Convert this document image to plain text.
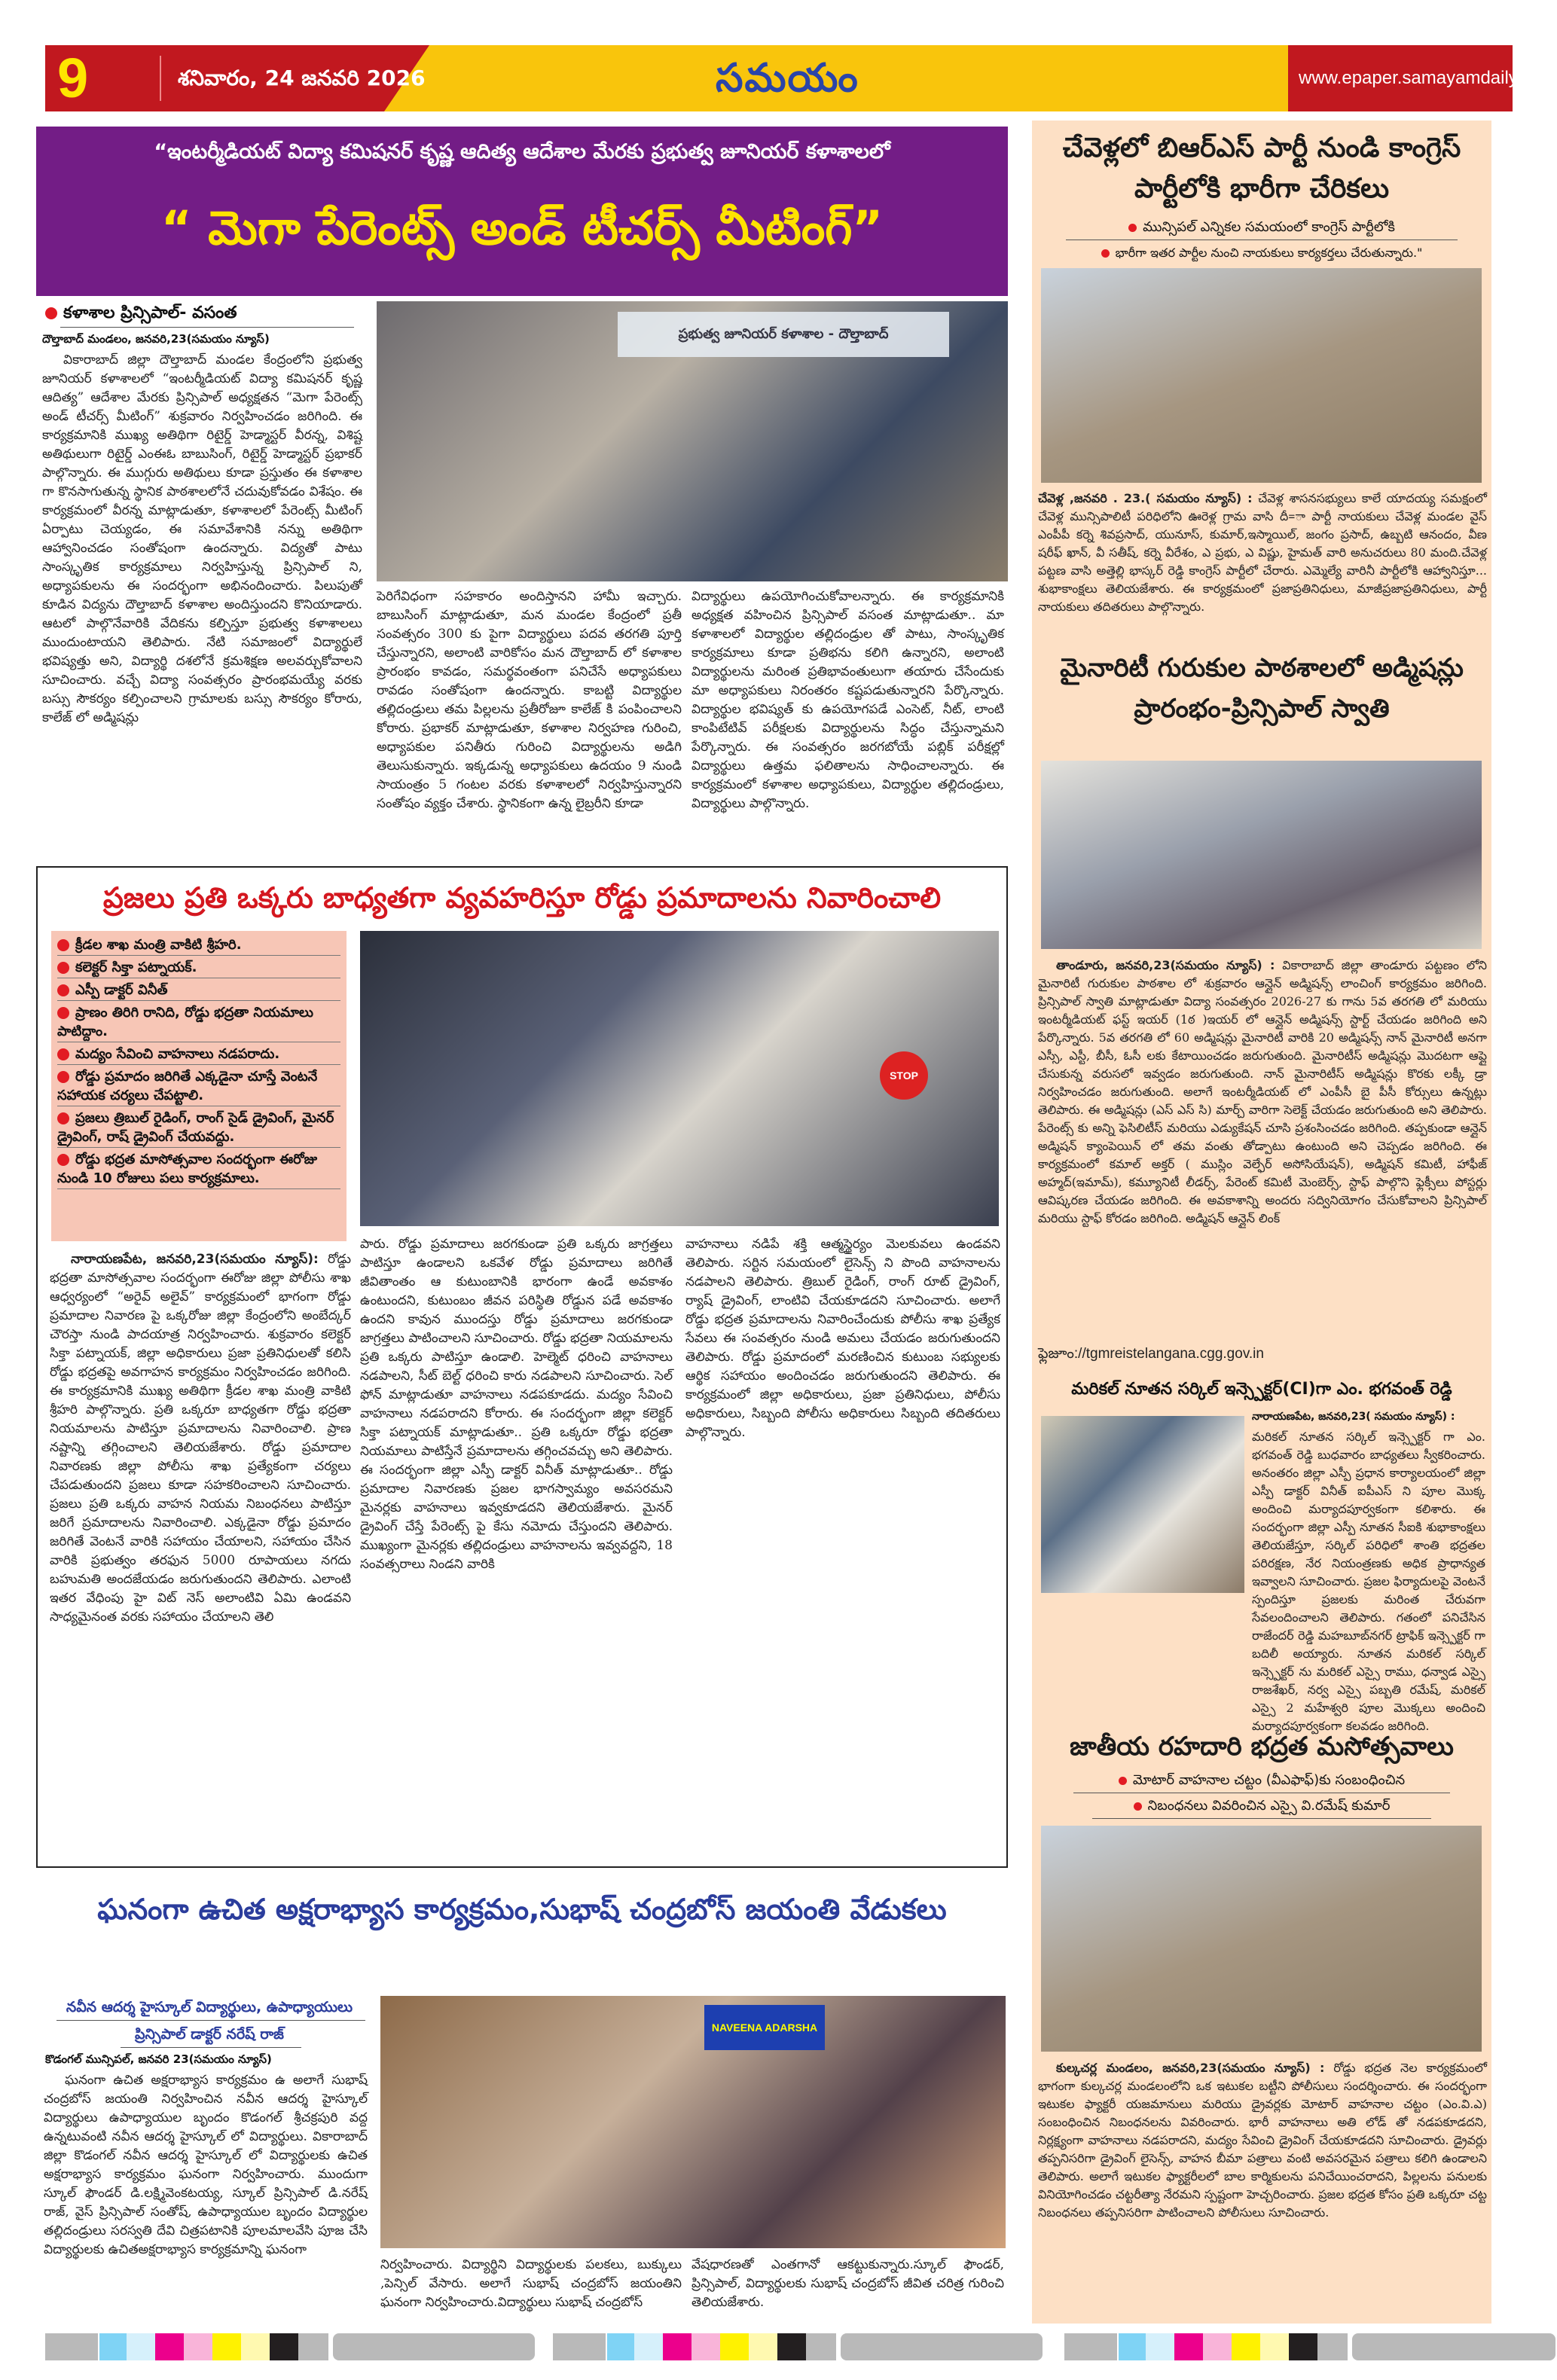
9	శనివారం, 24 జనవరి 2026	సమయం	www.epaper.samayamdaily.net
“ఇంటర్మీడియట్ విద్యా కమిషనర్ కృష్ణ ఆదిత్య ఆదేశాల మేరకు ప్రభుత్వ జూనియర్ కళాశాలలో
“ మెగా పేరెంట్స్ అండ్ టీచర్స్ మీటింగ్”
కళాశాల ప్రిన్సిపాల్- వసంత
దౌల్తాబాద్ మండలం, జనవరి,23(సమయం న్యూస్)
వికారాబాద్ జిల్లా దౌల్తాబాద్ మండల కేంద్రంలోని ప్రభుత్వ జూనియర్ కళాశాలలో “ఇంటర్మీడియట్ విద్యా కమిషనర్ కృష్ణ ఆదిత్య” ఆదేశాల మేరకు ప్రిన్సిపాల్ అధ్యక్షతన “మెగా పేరెంట్స్ అండ్ టీచర్స్ మీటింగ్” శుక్రవారం నిర్వహించడం జరిగింది. ఈ కార్యక్రమానికి ముఖ్య అతిథిగా రిటైర్డ్ హెడ్మాస్టర్ వీరన్న, విశిష్ట అతిథులుగా రిటైర్డ్ ఎంఈఓ బాబుసింగ్, రిటైర్డ్ హెడ్మాస్టర్ ప్రభాకర్ పాల్గొన్నారు. ఈ ముగ్గురు అతిథులు కూడా ప్రస్తుతం ఈ కళాశాల గా కొనసాగుతున్న స్థానిక పాఠశాలలోనే చదువుకోవడం విశేషం. ఈ కార్యక్రమంలో వీరన్న మాట్లాడుతూ, కళాశాలలో పేరెంట్స్ మీటింగ్ ఏర్పాటు చెయ్యడం, ఈ సమావేశానికి నన్ను అతిథిగా ఆహ్వానించడం సంతోషంగా ఉందన్నారు. విద్యతో పాటు సాంస్కృతిక కార్యక్రమాలు నిర్వహిస్తున్న ప్రిన్సిపాల్ ని, అధ్యాపకులను ఈ సందర్భంగా అభినందించారు. పిలుపుతో కూడిన విద్యను దౌల్తాబాద్ కళాశాల అందిస్తుందని కొనియాడారు. ఆటలో పాల్గొనేవారికి వేదికను కల్పిస్తూ ప్రభుత్వ కళాశాలలు ముందుంటాయని తెలిపారు. నేటి సమాజంలో విద్యార్థులే భవిష్యత్తు అని, విద్యార్థి దశలోనే క్రమశిక్షణ అలవర్చుకోవాలని సూచించారు. వచ్చే విద్యా సంవత్సరం ప్రారంభమయ్యే వరకు బస్సు సౌకర్యం కల్పించాలని గ్రామాలకు బస్సు సౌకర్యం కోరారు, కాలేజ్ లో అడ్మిషన్లు
ప్రభుత్వ జూనియర్ కళాశాల - దౌల్తాబాద్
పెరిగేవిధంగా సహకారం అందిస్తానని హామీ ఇచ్చారు. బాబుసింగ్ మాట్లాడుతూ, మన మండల కేంద్రంలో ప్రతీ సంవత్సరం 300 కు పైగా విద్యార్థులు పదవ తరగతి పూర్తి చేస్తున్నారని, అలాంటి వారికోసం మన దౌల్తాబాద్ లో కళాశాల ప్రారంభం కావడం, సమర్థవంతంగా పనిచేసే అధ్యాపకులు రావడం సంతోషంగా ఉందన్నారు. కాబట్టి విద్యార్థుల తల్లిదండ్రులు తమ పిల్లలను ప్రతీరోజూ కాలేజ్ కి పంపించాలని కోరారు. ప్రభాకర్ మాట్లాడుతూ, కళాశాల నిర్వహణ గురించి, అధ్యాపకుల పనితీరు గురించి విద్యార్థులను అడిగి తెలుసుకున్నారు. ఇక్కడున్న అధ్యాపకులు ఉదయం 9 నుండి సాయంత్రం 5 గంటల వరకు కళాశాలలో నిర్వహిస్తున్నారని సంతోషం వ్యక్తం చేశారు. స్థానికంగా ఉన్న లైబ్రరీని కూడా
విద్యార్థులు ఉపయోగించుకోవాలన్నారు. ఈ కార్యక్రమానికి అధ్యక్షత వహించిన ప్రిన్సిపాల్ వసంత మాట్లాడుతూ.. మా కళాశాలలో విద్యార్థుల తల్లిదండ్రుల తో పాటు, సాంస్కృతిక కార్యక్రమాలు కూడా ప్రతిభను కలిగి ఉన్నారని, అలాంటి విద్యార్థులను మరింత ప్రతిభావంతులుగా తయారు చేసేందుకు మా అధ్యాపకులు నిరంతరం కష్టపడుతున్నారని పేర్కొన్నారు. విద్యార్థుల భవిష్యత్ కు ఉపయోగపడే ఎంసెట్, నీట్, లాంటి కాంపిటేటివ్ పరీక్షలకు విద్యార్థులను సిద్ధం చేస్తున్నామని పేర్కొన్నారు. ఈ సంవత్సరం జరగబోయే పబ్లిక్ పరీక్షల్లో విద్యార్థులు ఉత్తమ ఫలితాలను సాధించాలన్నారు. ఈ కార్యక్రమంలో కళాశాల అధ్యాపకులు, విద్యార్థుల తల్లిదండ్రులు, విద్యార్థులు పాల్గొన్నారు.
ప్రజలు ప్రతి ఒక్కరు బాధ్యతగా వ్యవహరిస్తూ రోడ్డు ప్రమాదాలను నివారించాలి
క్రీడల శాఖ మంత్రి వాకిటి శ్రీహరి.
కలెక్టర్ సిక్తా పట్నాయక్.
ఎస్పీ డాక్టర్ వినీత్
ప్రాణం తిరిగి రానిది, రోడ్డు భద్రతా నియమాలు పాటిద్దాం.
మద్యం సేవించి వాహనాలు నడపరాదు.
రోడ్డు ప్రమాదం జరిగితే ఎక్కడైనా చూస్తే వెంటనే సహాయక చర్యలు చేపట్టాలి.
ప్రజలు త్రిబుల్ రైడింగ్, రాంగ్ సైడ్ డ్రైవింగ్, మైనర్ డ్రైవింగ్, రాష్ డ్రైవింగ్ చేయవద్దు.
రోడ్డు భద్రత మాసోత్సవాల సందర్భంగా ఈరోజు నుండి 10 రోజులు పలు కార్యక్రమాలు.
STOP
నారాయణపేట, జనవరి,23(సమయం న్యూస్): రోడ్డు భద్రతా మాసోత్సవాల సందర్భంగా ఈరోజు జిల్లా పోలీసు శాఖ ఆధ్వర్యంలో “అరైవ్ అలైవ్” కార్యక్రమంలో భాగంగా రోడ్డు ప్రమాదాల నివారణ పై ఒక్కరోజు జిల్లా కేంద్రంలోని అంబేద్కర్ చౌరస్తా నుండి పాదయాత్ర నిర్వహించారు. శుక్రవారం కలెక్టర్ సిక్తా పట్నాయక్, జిల్లా అధికారులు ప్రజా ప్రతినిధులతో కలిసి రోడ్డు భద్రతపై అవగాహన కార్యక్రమం నిర్వహించడం జరిగింది. ఈ కార్యక్రమానికి ముఖ్య అతిథిగా క్రీడల శాఖ మంత్రి వాకిటి శ్రీహరి పాల్గొన్నారు. ప్రతి ఒక్కరూ బాధ్యతగా రోడ్డు భద్రతా నియమాలను పాటిస్తూ ప్రమాదాలను నివారించాలి. ప్రాణ నష్టాన్ని తగ్గించాలని తెలియజేశారు. రోడ్డు ప్రమాదాల నివారణకు జిల్లా పోలీసు శాఖ ప్రత్యేకంగా చర్యలు చేపడుతుందని ప్రజలు కూడా సహకరించాలని సూచించారు. ప్రజలు ప్రతి ఒక్కరు వాహన నియమ నిబంధనలు పాటిస్తూ జరిగే ప్రమాదాలను నివారించాలి. ఎక్కడైనా రోడ్డు ప్రమాదం జరిగితే వెంటనే వారికి సహాయం చేయాలని, సహాయం చేసిన వారికి ప్రభుత్వం తరఫున 5000 రూపాయలు నగదు బహుమతి అందజేయడం జరుగుతుందని తెలిపారు. ఎలాంటి ఇతర వేధింపు హై విట్ నెస్ అలాంటివి ఏమి ఉండవని సాధ్యమైనంత వరకు సహాయం చేయాలని తెలి
పారు. రోడ్డు ప్రమాదాలు జరగకుండా ప్రతి ఒక్కరు జాగ్రత్తలు పాటిస్తూ ఉండాలని ఒకవేళ రోడ్డు ప్రమాదాలు జరిగితే జీవితాంతం ఆ కుటుంబానికి భారంగా ఉండే అవకాశం ఉంటుందని, కుటుంబం జీవన పరిస్థితి రోడ్డున పడే అవకాశం ఉందని కావున ముందస్తు రోడ్డు ప్రమాదాలు జరగకుండా జాగ్రత్తలు పాటించాలని సూచించారు. రోడ్డు భద్రతా నియమాలను ప్రతి ఒక్కరు పాటిస్తూ ఉండాలి. హెల్మెట్ ధరించి వాహనాలు నడపాలని, సీట్ బెల్ట్ ధరించి కారు నడపాలని సూచించారు. సెల్ ఫోన్ మాట్లాడుతూ వాహనాలు నడపకూడదు. మద్యం సేవించి వాహనాలు నడపరాదని కోరారు. ఈ సందర్భంగా జిల్లా కలెక్టర్ సిక్తా పట్నాయక్ మాట్లాడుతూ.. ప్రతి ఒక్కరూ రోడ్డు భద్రతా నియమాలు పాటిస్తేనే ప్రమాదాలను తగ్గించవచ్చు అని తెలిపారు. ఈ సందర్భంగా జిల్లా ఎస్పీ డాక్టర్ వినీత్ మాట్లాడుతూ.. రోడ్డు ప్రమాదాల నివారణకు ప్రజల భాగస్వామ్యం అవసరమని మైనర్లకు వాహనాలు ఇవ్వకూడదని తెలియజేశారు. మైనర్ డ్రైవింగ్ చేస్తే పేరెంట్స్ పై కేసు నమోదు చేస్తుందని తెలిపారు. ముఖ్యంగా మైనర్లకు తల్లిదండ్రులు వాహనాలను ఇవ్వవద్దని, 18 సంవత్సరాలు నిండని వారికి
వాహనాలు నడిపే శక్తి ఆత్మస్థైర్యం మెలకువలు ఉండవని తెలిపారు. సర్టిన సమయంలో లైసెన్స్ ని పొంది వాహనాలను నడపాలని తెలిపారు. త్రిబుల్ రైడింగ్, రాంగ్ రూట్ డ్రైవింగ్, ర్యాష్ డ్రైవింగ్, లాంటివి చేయకూడదని సూచించారు. అలాగే రోడ్డు భద్రత ప్రమాదాలను నివారించేందుకు పోలీసు శాఖ ప్రత్యేక సేవలు ఈ సంవత్సరం నుండి అమలు చేయడం జరుగుతుందని తెలిపారు. రోడ్డు ప్రమాదంలో మరణించిన కుటుంబ సభ్యులకు ఆర్థిక సహాయం అందించడం జరుగుతుందని తెలిపారు. ఈ కార్యక్రమంలో జిల్లా అధికారులు, ప్రజా ప్రతినిధులు, పోలీసు అధికారులు, సిబ్బంది పోలీసు అధికారులు సిబ్బంది తదితరులు పాల్గొన్నారు.
ఘనంగా ఉచిత అక్షరాభ్యాస కార్యక్రమం,సుభాష్ చంద్రబోస్ జయంతి వేడుకలు
నవీన ఆదర్శ హైస్కూల్ విద్యార్థులు, ఉపాధ్యాయులు
ప్రిన్సిపాల్ డాక్టర్ నరేష్ రాజ్
కొడంగల్ మున్సిపల్, జనవరి 23(సమయం న్యూస్)
ఘనంగా ఉచిత అక్షరాభ్యాస కార్యక్రమం ఉ అలాగే సుభాష్ చంద్రబోస్ జయంతి నిర్వహించిన నవీన ఆదర్శ హైస్కూల్ విద్యార్థులు ఉపాధ్యాయుల బృందం కొడంగల్ శ్రీచక్రపురి వద్ద ఉన్నటువంటి నవీన ఆదర్శ హైస్కూల్ లో విద్యార్థులు. వికారాబాద్ జిల్లా కొడంగల్ నవీన ఆదర్శ హైస్కూల్ లో విద్యార్థులకు ఉచిత అక్షరాభ్యాస కార్యక్రమం ఘనంగా నిర్వహించారు. ముందుగా స్కూల్ ఫౌండర్ డి.లక్ష్మివెంకటయ్య, స్కూల్ ప్రిన్సిపాల్ డి.నరేష్ రాజ్, వైస్ ప్రిన్సిపాల్ సంతోష్, ఉపాధ్యాయుల బృందం విద్యార్థుల తల్లిదండ్రులు సరస్వతి దేవి చిత్రపటానికి పూలమాలవేసి పూజ చేసి విద్యార్థులకు ఉచితఅక్షరాభ్యాస కార్యక్రమాన్ని ఘనంగా
NAVEENA ADARSHA
నిర్వహించారు. విద్యార్థిని విద్యార్థులకు పలకలు, బుక్కులు ,పెన్సిల్ వేసారు. అలాగే సుభాష్ చంద్రబోస్ జయంతిని ఘనంగా నిర్వహించారు.విద్యార్థులు సుభాష్ చంద్రబోస్
వేషధారణతో ఎంతగానో ఆకట్టుకున్నారు.స్కూల్ ఫౌండర్, ప్రిన్సిపాల్, విద్యార్థులకు సుభాష్ చంద్రబోస్ జీవిత చరిత్ర గురించి తెలియజేశారు.
చేవెళ్లలో బిఆర్ఎస్ పార్టీ నుండి కాంగ్రెస్ పార్టీలోకి భారీగా చేరికలు
మున్సిపల్ ఎన్నికల సమయంలో కాంగ్రెస్ పార్టీలోకి
భారీగా ఇతర పార్టీల నుంచి నాయకులు కార్యకర్తలు చేరుతున్నారు."
చేవెళ్ల ,జనవరి . 23.( సమయం న్యూస్) : చేవెళ్ల శాసనసభ్యులు కాలే యాదయ్య సమక్షంలో చేవెళ్ల మున్సిపాలిటీ పరిధిలోని ఊరెళ్ల గ్రామ వాసి దీ=ా పార్టీ నాయకులు చేవెళ్ల మండల వైస్ ఎంపీపీ కర్నె శివప్రసాద్, యునూస్, కుమార్,ఇస్మాయిల్, జంగం ప్రసాద్, ఉబ్బటి ఆనందం, వీణ షరీఫ్ ఖాన్, వీ సతీష్, కర్నె వీరేశం, ఎ ప్రభు, ఎ విష్ణు, హైమత్ వారి అనుచరులు 80 మంది.చేవెళ్ల పట్టణ వాసి అత్తెల్లి భాస్కర్ రెడ్డి కాంగ్రెస్ పార్టీలో చేరారు. ఎమ్మెల్యే వారినీ పార్టీలోకి ఆహ్వానిస్తూ... శుభాకాంక్షలు తెలియజేశారు. ఈ కార్యక్రమంలో ప్రజాప్రతినిధులు, మాజీప్రజాప్రతినిధులు, పార్టీ నాయకులు తదితరులు పాల్గొన్నారు.
మైనారిటీ గురుకుల పాఠశాలలో అడ్మిషన్లు ప్రారంభం-ప్రిన్సిపాల్ స్వాతి
తాండూరు, జనవరి,23(సమయం న్యూస్) : వికారాబాద్ జిల్లా తాండూరు పట్టణం లోని మైనారిటీ గురుకుల పాఠశాల లో శుక్రవారం ఆన్లైన్ అడ్మిషన్స్ లాంచింగ్ కార్యక్రమం జరిగింది. ప్రిన్సిపాల్ స్వాతి మాట్లాడుతూ విద్యా సంవత్సరం 2026-27 కు గాను 5వ తరగతి లో మరియు ఇంటర్మీడియట్ ఫస్ట్ ఇయర్ (1ఠ )ఇయర్ లో ఆన్లైన్ అడ్మిషన్స్ స్టార్ట్ చేయడం జరిగింది అని పేర్కొన్నారు. 5వ తరగతి లో 60 అడ్మిషన్లు మైనారిటీ వారికి 20 అడ్మిషన్స్ నాన్ మైనారిటీ అనగా ఎస్సీ, ఎస్టీ, బీసీ, ఓసీ లకు కేటాయించడం జరుగుతుంది. మైనారిటీస్ అడ్మిషన్లు మొదటగా ఆప్లై చేసుకున్న వరుసలో ఇవ్వడం జరుగుతుంది. నాన్ మైనారిటీస్ అడ్మిషన్లు కొరకు లక్కీ డ్రా నిర్వహించడం జరుగుతుంది. అలాగే ఇంటర్మీడియట్ లో ఎంపీసీ బై పీసీ కోర్సులు ఉన్నట్లు తెలిపారు. ఈ అడ్మిషన్లు (ఎస్ ఎస్ సి) మార్చ్ వారిగా సెలెక్ట్ చేయడం జరుగుతుంది అని తెలిపారు. పేరెంట్స్ కు అన్ని ఫెసిలిటీస్ మరియు ఎడ్యుకేషన్ చూసి ప్రశంసించడం జరిగింది. తప్పకుండా ఆన్లైన్ అడ్మిషన్ క్యాంపెయిన్ లో తమ వంతు తోడ్పాటు ఉంటుంది అని చెప్పడం జరిగింది. ఈ కార్యక్రమంలో కమాల్ అక్తర్ ( ముస్లిం వెల్ఫేర్ అసోసియేషన్), అడ్మిషన్ కమిటీ, హాఫీజ్ అహ్మద్(ఇమామ్), కమ్యూనిటీ లీడర్స్, పేరెంట్ కమిటీ మెంబెర్స్, స్టాఫ్ పాల్గొని ఫ్లెక్సీలు పోస్టర్లు ఆవిష్కరణ చేయడం జరిగింది. ఈ అవకాశాన్ని అందరు సద్వినియోగం చేసుకోవాలని ప్రిన్సిపాల్ మరియు స్టాఫ్ కోరడం జరిగింది. అడ్మిషన్ ఆన్లైన్ లింక్
ఫ్లెజూం://tgmreistelangana.cgg.gov.in
మరికల్ నూతన సర్కిల్ ఇన్స్పెక్టర్(CI)గా ఎం. భగవంత్ రెడ్డి
నారాయణపేట, జనవరి,23( సమయం న్యూస్) :
మరికల్ నూతన సర్కిల్ ఇన్స్పెక్టర్ గా ఎం. భగవంత్ రెడ్డి బుధవారం బాధ్యతలు స్వీకరించారు. అనంతరం జిల్లా ఎస్పీ ప్రధాన కార్యాలయంలో జిల్లా ఎస్పీ డాక్టర్ వినీత్ ఐపీఎస్ ని పూల మొక్క అందించి మర్యాదపూర్వకంగా కలిశారు. ఈ సందర్భంగా జిల్లా ఎస్పీ నూతన సీఐకి శుభాకాంక్షలు తెలియజేస్తూ, సర్కిల్ పరిధిలో శాంతి భద్రతల పరిరక్షణ, నేర నియంత్రణకు అధిక ప్రాధాన్యత ఇవ్వాలని సూచించారు. ప్రజల ఫిర్యాదులపై వెంటనే స్పందిస్తూ ప్రజలకు మరింత చేరువగా సేవలందించాలని తెలిపారు. గతంలో పనిచేసిన రాజేందర్ రెడ్డి మహబూబ్‌నగర్ ట్రాఫిక్ ఇన్స్పెక్టర్ గా బదిలీ అయ్యారు. నూతన మరికల్ సర్కిల్ ఇన్స్పెక్టర్ ను మరికల్ ఎస్సై రాము, ధన్వాడ ఎస్సై రాజశేఖర్, నర్వ ఎస్సై పబ్బతి రమేష్, మరికల్ ఎస్సై 2 మహేశ్వరి పూల మొక్కలు అందించి మర్యాదపూర్వకంగా కలవడం జరిగింది.
జాతీయ రహదారి భద్రత మసోత్సవాలు
మోటార్ వాహనాల చట్టం (వీఎఫాఫ్)కు సంబంధించిన
నిబంధనలు వివరించిన ఎస్సై వి.రమేష్ కుమార్
కుల్కచర్ల మండలం, జనవరి,23(సమయం న్యూస్) : రోడ్డు భద్రత నెల కార్యక్రమంలో భాగంగా కుల్కచర్ల మండలంలోని ఒక ఇటుకల బట్టీని పోలీసులు సందర్శించారు. ఈ సందర్భంగా ఇటుకల ఫ్యాక్టరీ యజమానులు మరియు డ్రైవర్లకు మోటార్ వాహనాల చట్టం (ఎం.వి.ఎ) సంబంధించిన నిబంధనలను వివరించారు. భారీ వాహనాలు అతి లోడ్ తో నడపకూడదని, నిర్లక్ష్యంగా వాహనాలు నడపరాదని, మద్యం సేవించి డ్రైవింగ్ చేయకూడదని సూచించారు. డ్రైవర్లు తప్పనిసరిగా డ్రైవింగ్ లైసెన్స్, వాహన బీమా పత్రాలు వంటి అవసరమైన పత్రాలు కలిగి ఉండాలని తెలిపారు. అలాగే ఇటుకల ఫ్యాక్టరీలలో బాల కార్మికులను పనిచేయించరాదని, పిల్లలను పనులకు వినియోగించడం చట్టరీత్యా నేరమని స్పష్టంగా హెచ్చరించారు. ప్రజల భద్రత కోసం ప్రతి ఒక్కరూ చట్ట నిబంధనలు తప్పనిసరిగా పాటించాలని పోలీసులు సూచించారు.
